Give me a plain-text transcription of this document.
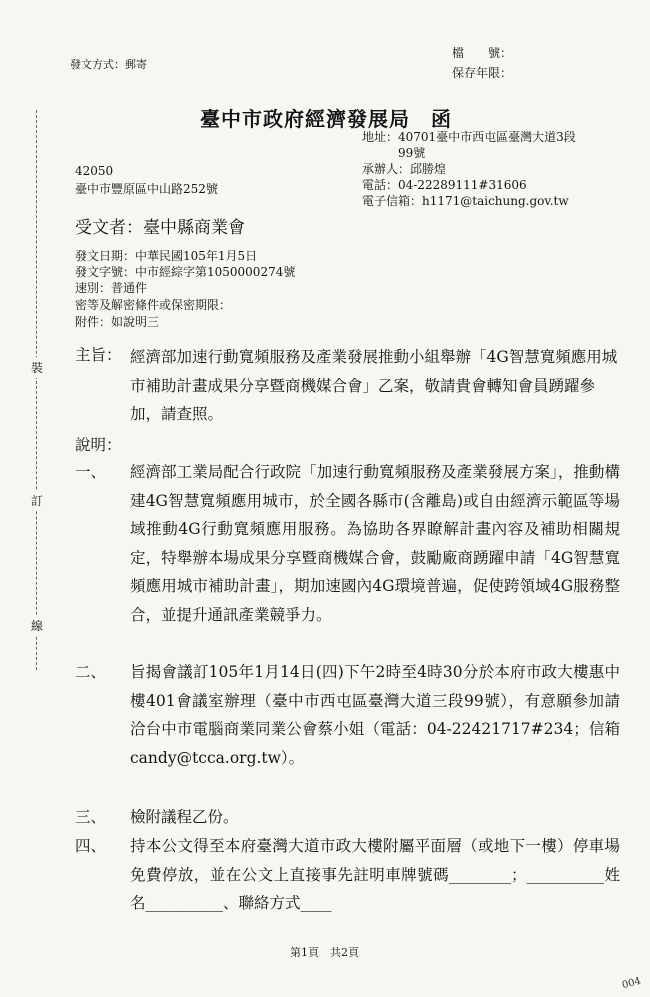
裝
訂
線
發文方式：郵寄
檔　　號：
保存年限：
臺中市政府經濟發展局　函
地址：40701臺中市西屯區臺灣大道3段
99號
承辦人：邱勝煌
電話：04-22289111#31606
電子信箱：h1171@taichung.gov.tw
42050
臺中市豐原區中山路252號
受文者：臺中縣商業會
發文日期：中華民國105年1月5日
發文字號：中市經綜字第1050000274號
速別：普通件
密等及解密條件或保密期限：
附件：如說明三
主旨： 經濟部加速行動寬頻服務及產業發展推動小組舉辦「4G智慧寬頻應用城市補助計畫成果分享暨商機媒合會」乙案，敬請貴會轉知會員踴躍參加，請查照。
說明：
一、 經濟部工業局配合行政院「加速行動寬頻服務及產業發展方案」，推動構建4G智慧寬頻應用城市，於全國各縣市(含離島)或自由經濟示範區等場域推動4G行動寬頻應用服務。為協助各界瞭解計畫內容及補助相關規定，特舉辦本場成果分享暨商機媒合會，鼓勵廠商踴躍申請「4G智慧寬頻應用城市補助計畫」，期加速國內4G環境普遍，促使跨領域4G服務整合，並提升通訊產業競爭力。
二、 旨揭會議訂105年1月14日(四)下午2時至4時30分於本府市政大樓惠中樓401會議室辦理（臺中市西屯區臺灣大道三段99號），有意願參加請洽台中市電腦商業同業公會蔡小姐（電話：04-22421717#234；信箱candy@tcca.org.tw）。
三、 檢附議程乙份。
四、 持本公文得至本府臺灣大道市政大樓附屬平面層（或地下一樓）停車場免費停放，並在公文上直接事先註明車牌號碼________；__________姓名__________、聯絡方式____
第1頁　共2頁
004
